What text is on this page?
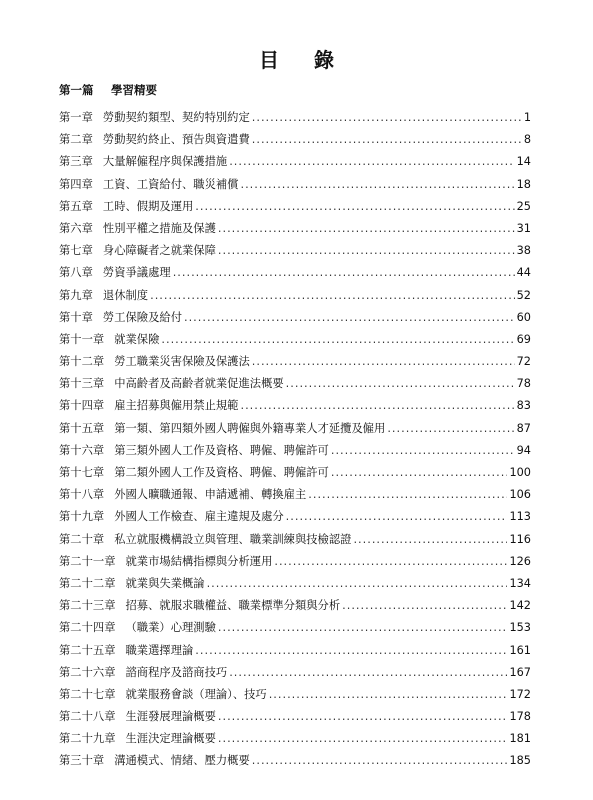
目 錄
第一篇 學習精要
第一章 勞動契約類型、契約特別約定 .....	1
第二章 勞動契約終止、預告與資遣費 .....	8
第三章 大量解僱程序與保護措施 .....	14
第四章 工資、工資給付、職災補償 .....	18
第五章 工時、假期及運用 .....	25
第六章 性別平權之措施及保護 .....	31
第七章 身心障礙者之就業保障 .....	38
第八章 勞資爭議處理 .....	44
第九章 退休制度 .....	52
第十章 勞工保險及給付 .....	60
第十一章 就業保險 .....	69
第十二章 勞工職業災害保險及保護法 .....	72
第十三章 中高齡者及高齡者就業促進法概要 .....	78
第十四章 雇主招募與僱用禁止規範 .....	83
第十五章 第一類、第四類外國人聘僱與外籍專業人才延攬及僱用 .....	87
第十六章 第三類外國人工作及資格、聘僱、聘僱許可 .....	94
第十七章 第二類外國人工作及資格、聘僱、聘僱許可 .....	100
第十八章 外國人曠職通報、申請遞補、轉換雇主 .....	106
第十九章 外國人工作檢查、雇主違規及處分 .....	113
第二十章 私立就服機構設立與管理、職業訓練與技檢認證 .....	116
第二十一章 就業市場結構指標與分析運用 .....	126
第二十二章 就業與失業概論 .....	134
第二十三章 招募、就服求職權益、職業標準分類與分析 .....	142
第二十四章 （職業）心理測驗 .....	153
第二十五章 職業選擇理論 .....	161
第二十六章 諮商程序及諮商技巧 .....	167
第二十七章 就業服務會談（理論）、技巧 .....	172
第二十八章 生涯發展理論概要 .....	178
第二十九章 生涯決定理論概要 .....	181
第三十章 溝通模式、情緒、壓力概要 .....	185
